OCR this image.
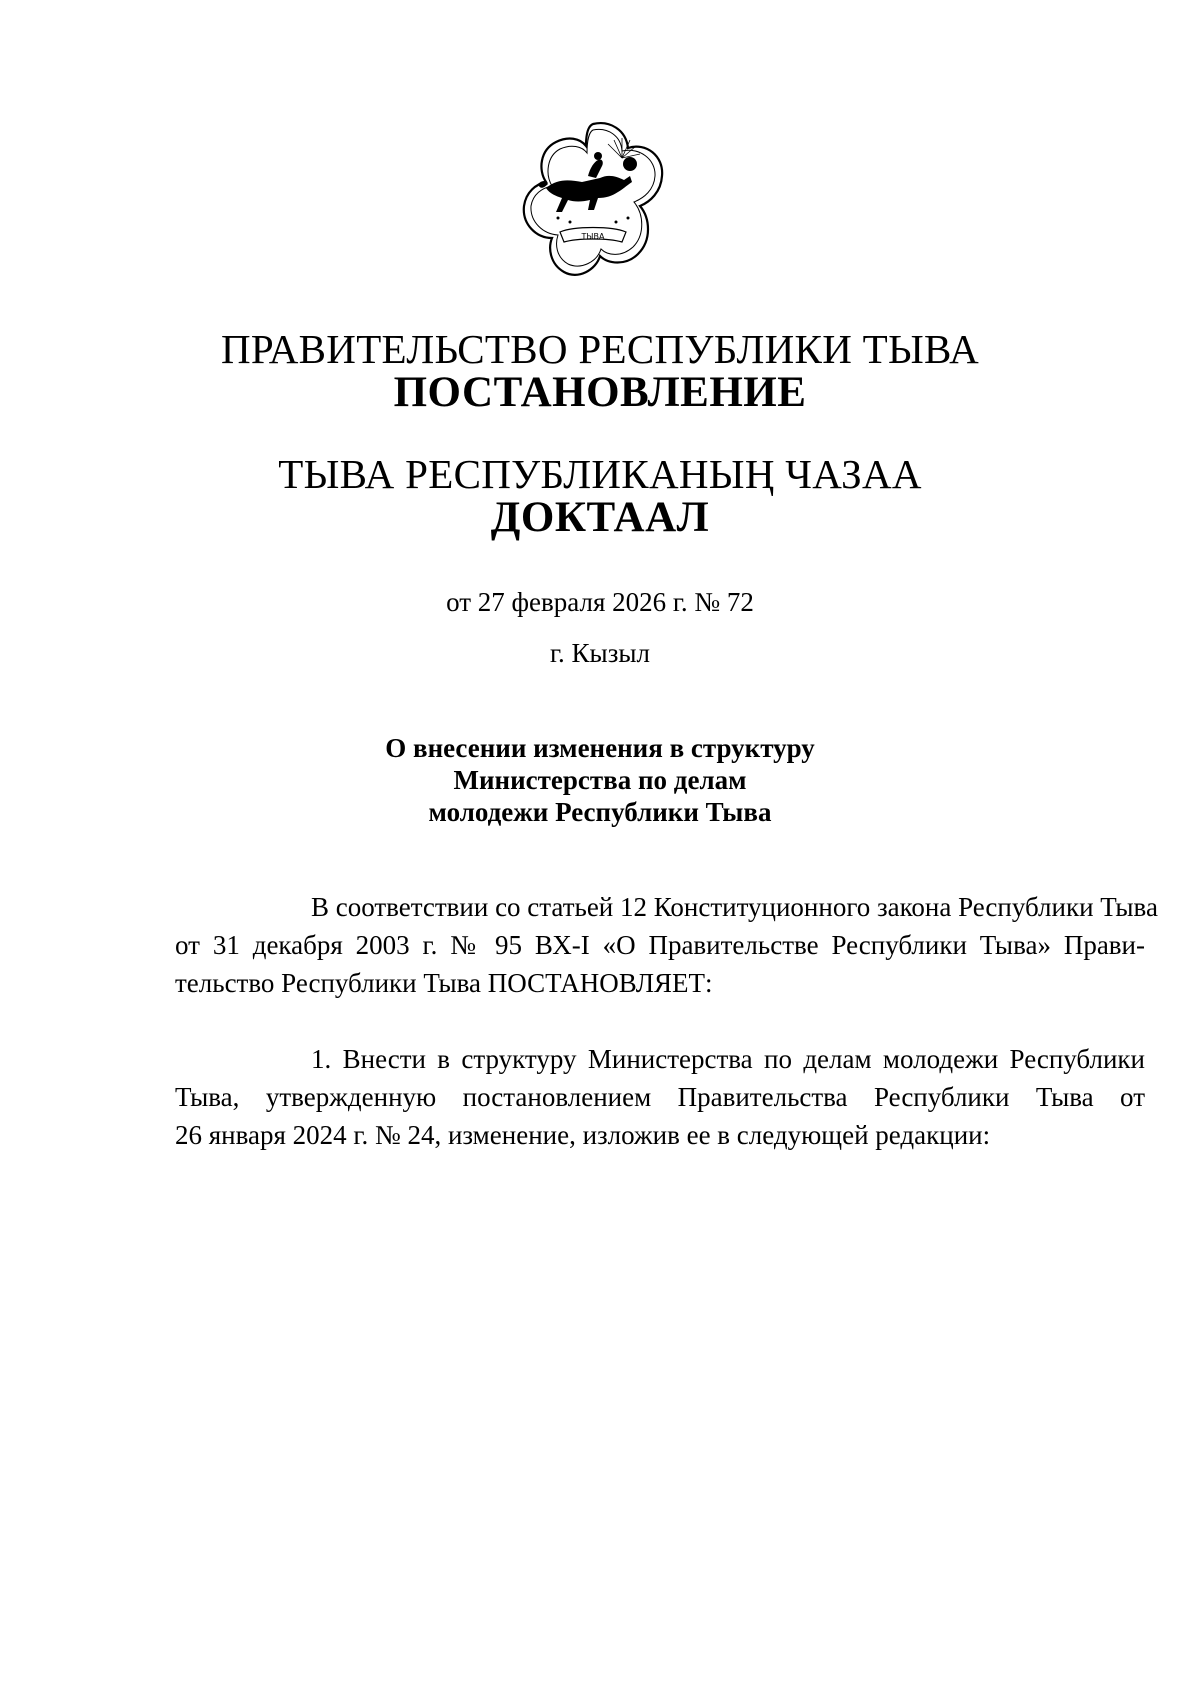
ТЫВА
ПРАВИТЕЛЬСТВО РЕСПУБЛИКИ ТЫВА
ПОСТАНОВЛЕНИЕ
ТЫВА РЕСПУБЛИКАНЫҢ ЧАЗАА
ДОКТААЛ
от 27 февраля 2026 г. № 72
г. Кызыл
О внесении изменения в структуру
Министерства по делам
молодежи Республики Тыва
В соответствии со статьей 12 Конституционного закона Республики Тыва
от 31 декабря 2003 г. № 95 ВХ-I «О Правительстве Республики Тыва» Прави-
тельство Республики Тыва ПОСТАНОВЛЯЕТ:
1. Внести в структуру Министерства по делам молодежи Республики
Тыва, утвержденную постановлением Правительства Республики Тыва от
26 января 2024 г. № 24, изменение, изложив ее в следующей редакции:
